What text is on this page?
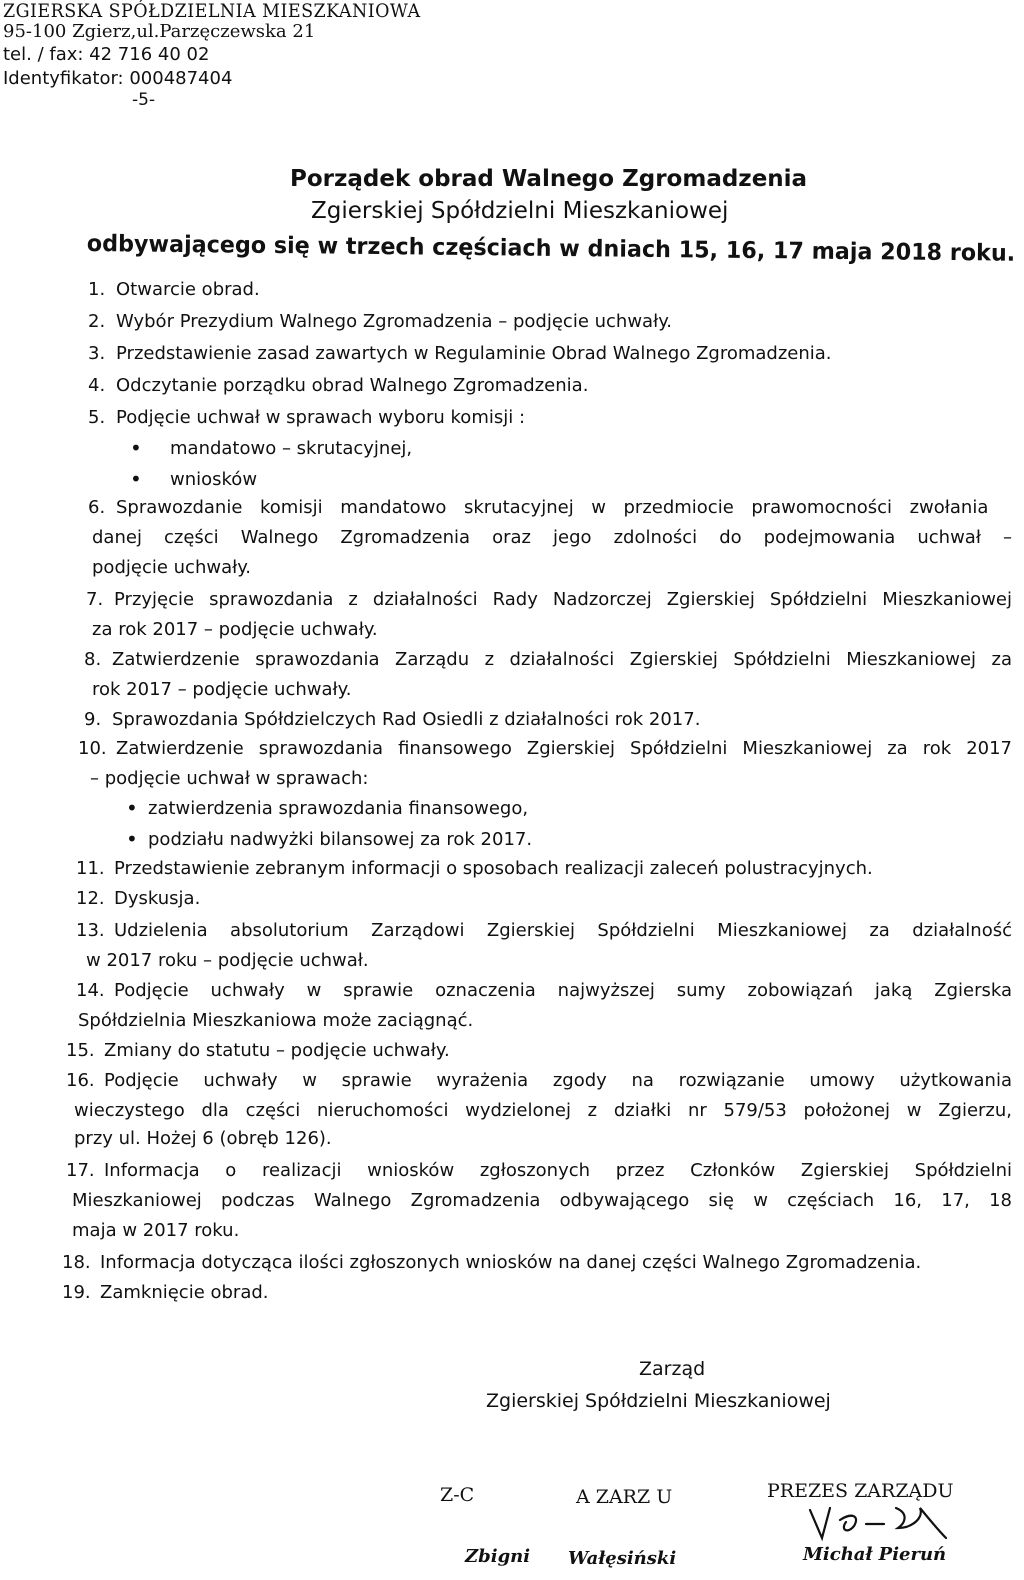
ZGIERSKA SPÓŁDZIELNIA MIESZKANIOWA
95-100 Zgierz,ul.Parzęczewska 21
tel. / fax: 42 716 40 02
Identyfikator: 000487404
-5-
Porządek obrad Walnego Zgromadzenia
Zgierskiej Spółdzielni Mieszkaniowej
odbywającego się w trzech częściach w dniach 15, 16, 17 maja 2018 roku.
1. Otwarcie obrad.
2. Wybór Prezydium Walnego Zgromadzenia – podjęcie uchwały.
3. Przedstawienie zasad zawartych w Regulaminie Obrad Walnego Zgromadzenia.
4. Odczytanie porządku obrad Walnego Zgromadzenia.
5. Podjęcie uchwał w sprawach wyboru komisji :
• mandatowo – skrutacyjnej,
• wniosków
6. Sprawozdanie komisji mandatowo skrutacyjnej w przedmiocie prawomocności zwołania
danej części Walnego Zgromadzenia oraz jego zdolności do podejmowania uchwał –
podjęcie uchwały.
7. Przyjęcie sprawozdania z działalności Rady Nadzorczej Zgierskiej Spółdzielni Mieszkaniowej
za rok 2017 – podjęcie uchwały.
8. Zatwierdzenie sprawozdania Zarządu z działalności Zgierskiej Spółdzielni Mieszkaniowej za
rok 2017 – podjęcie uchwały.
9. Sprawozdania Spółdzielczych Rad Osiedli z działalności rok 2017.
10. Zatwierdzenie sprawozdania finansowego Zgierskiej Spółdzielni Mieszkaniowej za rok 2017
– podjęcie uchwał w sprawach:
• zatwierdzenia sprawozdania finansowego,
• podziału nadwyżki bilansowej za rok 2017.
11. Przedstawienie zebranym informacji o sposobach realizacji zaleceń polustracyjnych.
12. Dyskusja.
13. Udzielenia absolutorium Zarządowi Zgierskiej Spółdzielni Mieszkaniowej za działalność
w 2017 roku – podjęcie uchwał.
14. Podjęcie uchwały w sprawie oznaczenia najwyższej sumy zobowiązań jaką Zgierska
Spółdzielnia Mieszkaniowa może zaciągnąć.
15. Zmiany do statutu – podjęcie uchwały.
16. Podjęcie uchwały w sprawie wyrażenia zgody na rozwiązanie umowy użytkowania
wieczystego dla części nieruchomości wydzielonej z działki nr 579/53 położonej w Zgierzu,
przy ul. Hożej 6 (obręb 126).
17. Informacja o realizacji wniosków zgłoszonych przez Członków Zgierskiej Spółdzielni
Mieszkaniowej podczas Walnego Zgromadzenia odbywającego się w częściach 16, 17, 18
maja w 2017 roku.
18. Informacja dotycząca ilości zgłoszonych wniosków na danej części Walnego Zgromadzenia.
19. Zamknięcie obrad.
Zarząd
Zgierskiej Spółdzielni Mieszkaniowej
Z-C	A ZARZ U	PREZES ZARZĄDU
Zbigni Wałęsiński	Michał Pieruń
